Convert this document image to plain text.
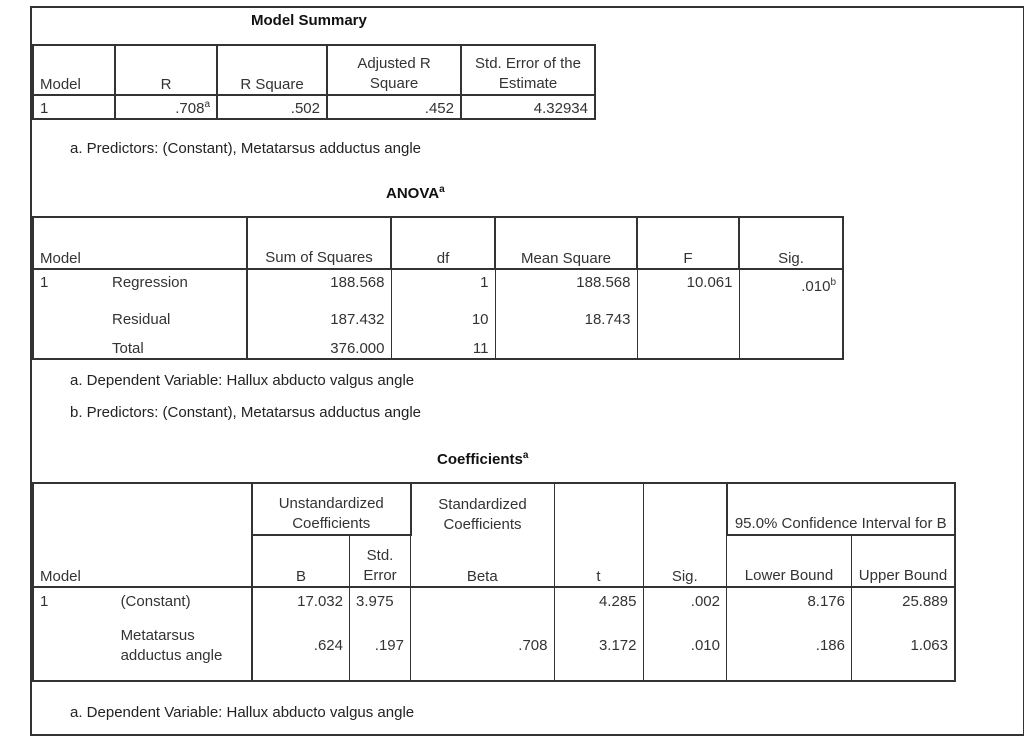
Model Summary
Model	R	R Square	Adjusted R Square	Std. Error of the Estimate
1	.708$^a$	.502	.452	4.32934
a. Predictors: (Constant), Metatarsus adductus angle
ANOVA$^a$
Model		Sum of Squares	df	Mean Square	F	Sig.
1	Regression	188.568	1	188.568	10.061	.010$^b$
	Residual	187.432	10	18.743		
	Total	376.000	11			
a. Dependent Variable: Hallux abducto valgus angle
b. Predictors: (Constant), Metatarsus adductus angle
Coefficients$^a$
Model		Unstandardized Coefficients		Standardized Coefficients			95.0% Confidence Interval for B	
		B	Std. Error	Beta	t	Sig.	Lower Bound	Upper Bound
1	(Constant)	17.032	3.975		4.285	.002	8.176	25.889
	Metatarsus adductus angle	.624	.197	.708	3.172	.010	.186	1.063
a. Dependent Variable: Hallux abducto valgus angle
